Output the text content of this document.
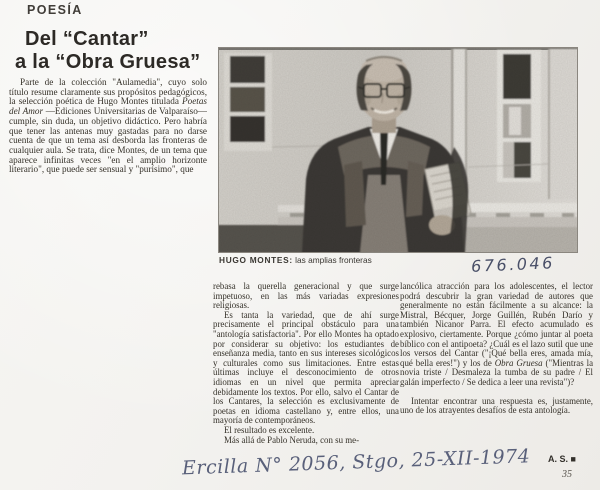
POESÍA
Del “Cantar”
a la “Obra Gruesa”

Parte de la colección "Aulamedia", cuyo solo título resume claramente sus propósitos pedagógicos, la selección poética de Hugo Montes titulada Poetas del Amor —Ediciones Universitarias de Valparaíso— cumple, sin duda, un objetivo didáctico. Pero habría que tener las antenas muy gastadas para no darse cuenta de que un tema así desborda las fronteras de cualquier aula. Se trata, dice Montes, de un tema que aparece infinitas veces "en el amplio horizonte literario", que puede ser sensual y "purísimo", que

HUGO MONTES: las amplias fronteras	676.046

rebasa la querella generacional y que surge impetuoso, en las más variadas expresiones religiosas.

Es tanta la variedad, que de ahí surge precisamente el principal obstáculo para una "antología satisfactoria". Por ello Montes ha optado por considerar su objetivo: los estudiantes de enseñanza media, tanto en sus intereses sicológicos y culturales como sus limitaciones. Entre estas últimas incluye el desconocimiento de otros idiomas en un nivel que permita apreciar debidamente los textos. Por ello, salvo el Cantar de los Cantares, la selección es exclusivamente de poetas en idioma castellano y, entre ellos, una mayoría de contemporáneos.

El resultado es excelente.

Más allá de Pablo Neruda, con su me-

lancólica atracción para los adolescentes, el lector podrá descubrir la gran variedad de autores que generalmente no están fácilmente a su alcance: la Mistral, Bécquer, Jorge Guillén, Rubén Darío y también Nicanor Parra. El efecto acumulado es explosivo, ciertamente. Porque ¿cómo juntar al poeta bíblico con el antipoeta? ¿Cuál es el lazo sutil que une los versos del Cantar ("¡Qué bella eres, amada mía, qué bella eres!") y los de Obra Gruesa ("Mientras la novia triste / Desmaleza la tumba de su padre / El galán imperfecto / Se dedica a leer una revista")?

Intentar encontrar una respuesta es, justamente, uno de los atrayentes desafíos de esta antología.

A. S. ■
35
Ercilla N° 2056, Stgo, 25-XII-1974
